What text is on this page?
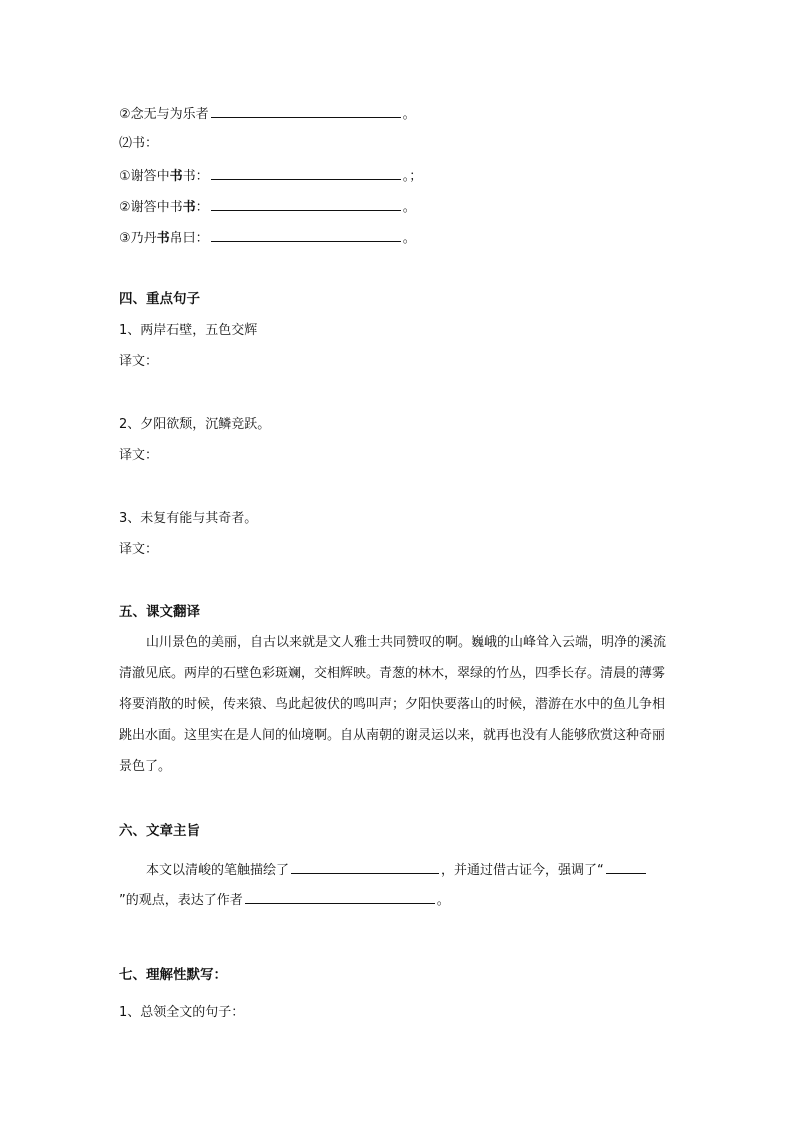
②念无与为乐者	。
⑵书：
①谢答中书书：	。；
②谢答中书书：	。
③乃丹书帛曰：	。
四、重点句子
1、两岸石壁，五色交辉
译文：
2、夕阳欲颓，沉鳞竞跃。
译文：
3、未复有能与其奇者。
译文：
五、课文翻译
山川景色的美丽，自古以来就是文人雅士共同赞叹的啊。巍峨的山峰耸入云端，明净的溪流清澈见底。两岸的石壁色彩斑斓，交相辉映。青葱的林木，翠绿的竹丛，四季长存。清晨的薄雾将要消散的时候，传来猿、鸟此起彼伏的鸣叫声；夕阳快要落山的时候，潜游在水中的鱼儿争相跳出水面。这里实在是人间的仙境啊。自从南朝的谢灵运以来，就再也没有人能够欣赏这种奇丽景色了。
六、文章主旨
本文以清峻的笔触描绘了	，并通过借古证今，强调了“
”的观点，表达了作者	。
七、理解性默写：
1、总领全文的句子：
